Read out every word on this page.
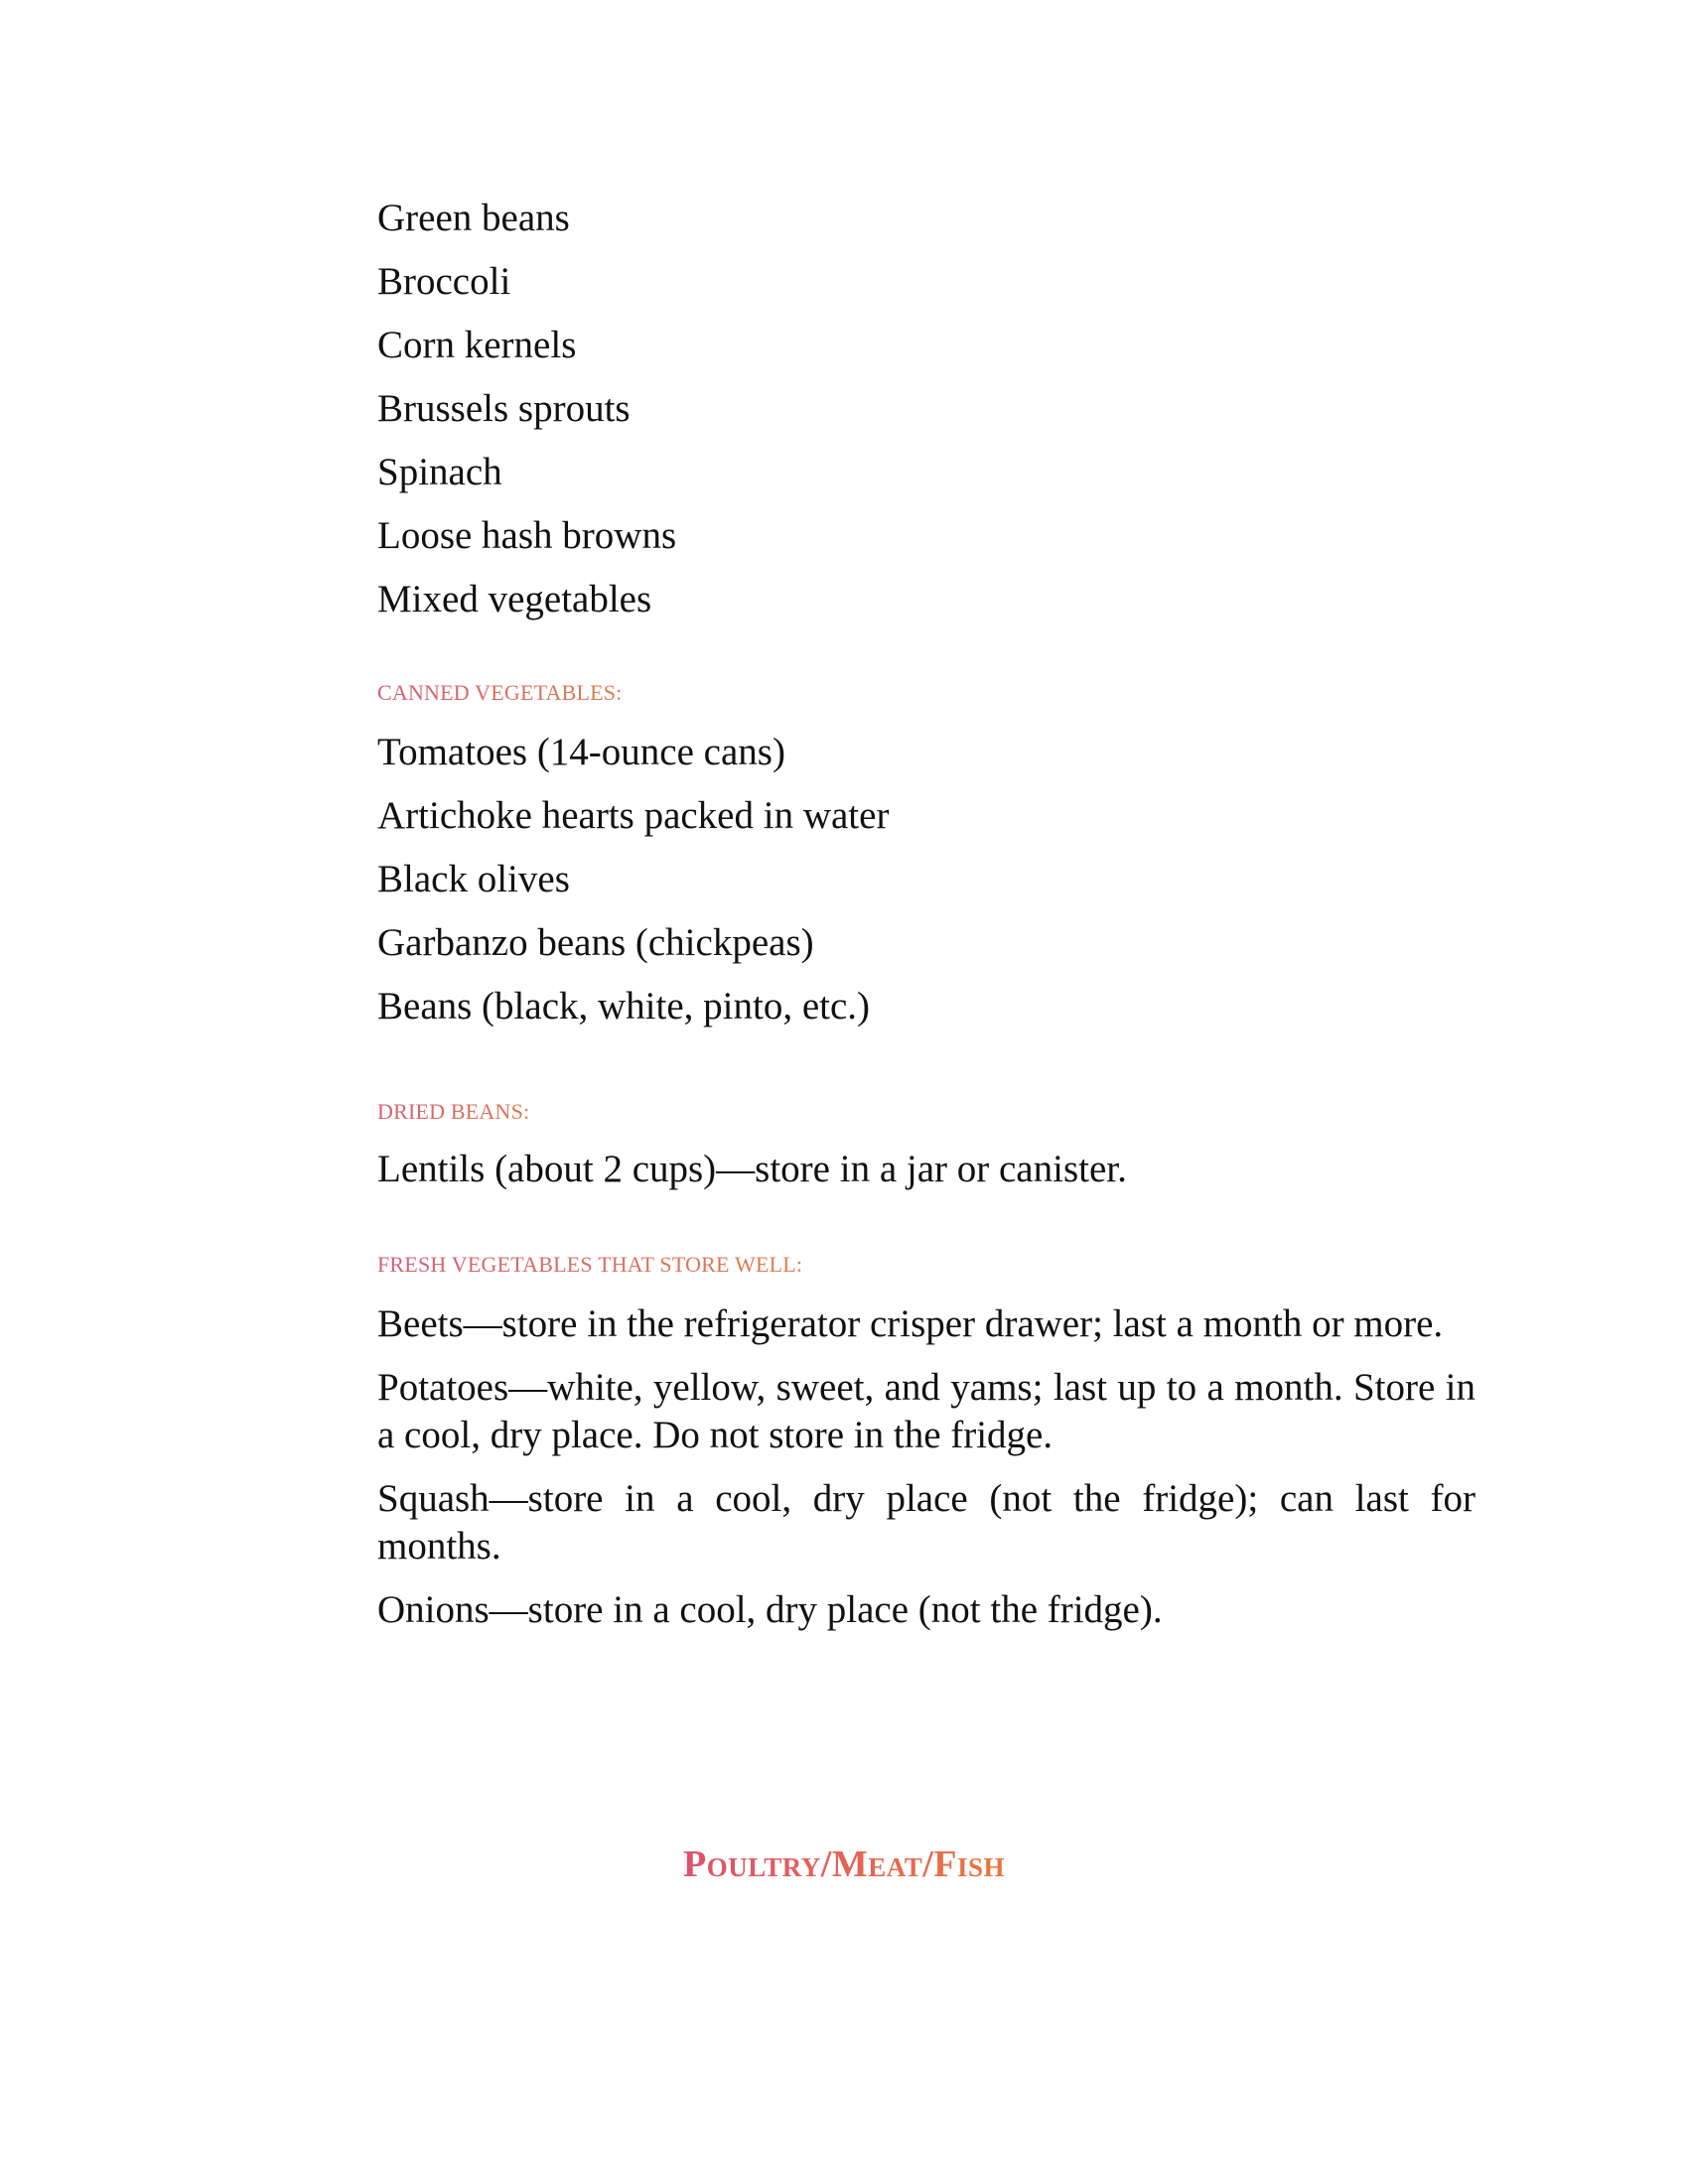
Green beans
Broccoli
Corn kernels
Brussels sprouts
Spinach
Loose hash browns
Mixed vegetables
CANNED VEGETABLES:
Tomatoes (14-ounce cans)
Artichoke hearts packed in water
Black olives
Garbanzo beans (chickpeas)
Beans (black, white, pinto, etc.)
DRIED BEANS:
Lentils (about 2 cups)—store in a jar or canister.
FRESH VEGETABLES THAT STORE WELL:
Beets—store in the refrigerator crisper drawer; last a month or more.
Potatoes—white, yellow, sweet, and yams; last up to a month. Store in a cool, dry place. Do not store in the fridge.
Squash—store in a cool, dry place (not the fridge); can last for months.
Onions—store in a cool, dry place (not the fridge).
Poultry/Meat/Fish
